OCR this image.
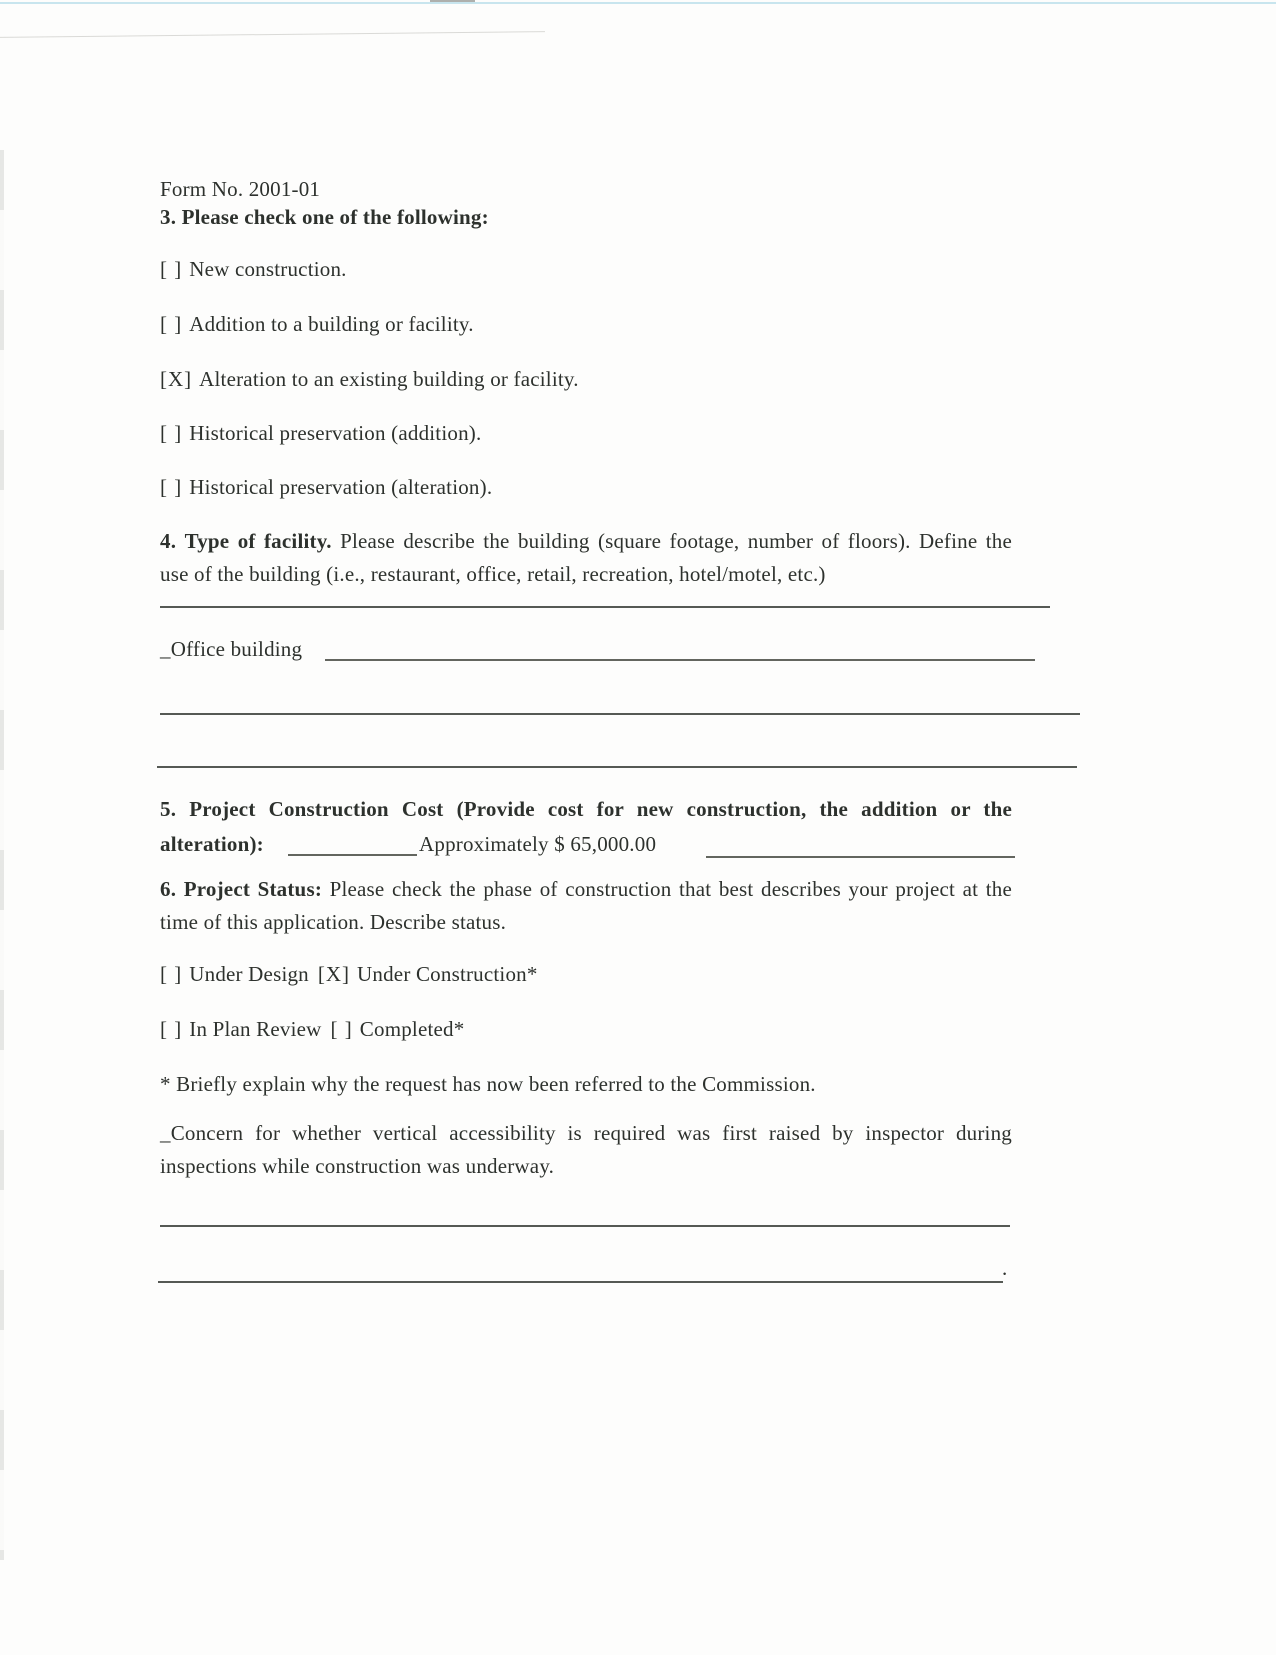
Form No. 2001-01
3. Please check one of the following:
[ ] New construction.
[ ] Addition to a building or facility.
[X] Alteration to an existing building or facility.
[ ] Historical preservation (addition).
[ ] Historical preservation (alteration).
4. Type of facility. Please describe the building (square footage, number of floors). Define the
use of the building (i.e., restaurant, office, retail, recreation, hotel/motel, etc.)
_Office building
5. Project Construction Cost (Provide cost for new construction, the addition or the
alteration):	Approximately $ 65,000.00
6. Project Status: Please check the phase of construction that best describes your project at the
time of this application. Describe status.
[ ] Under Design [X] Under Construction*
[ ] In Plan Review [ ] Completed*
* Briefly explain why the request has now been referred to the Commission.
_Concern for whether vertical accessibility is required was first raised by inspector during
inspections while construction was underway.
.
